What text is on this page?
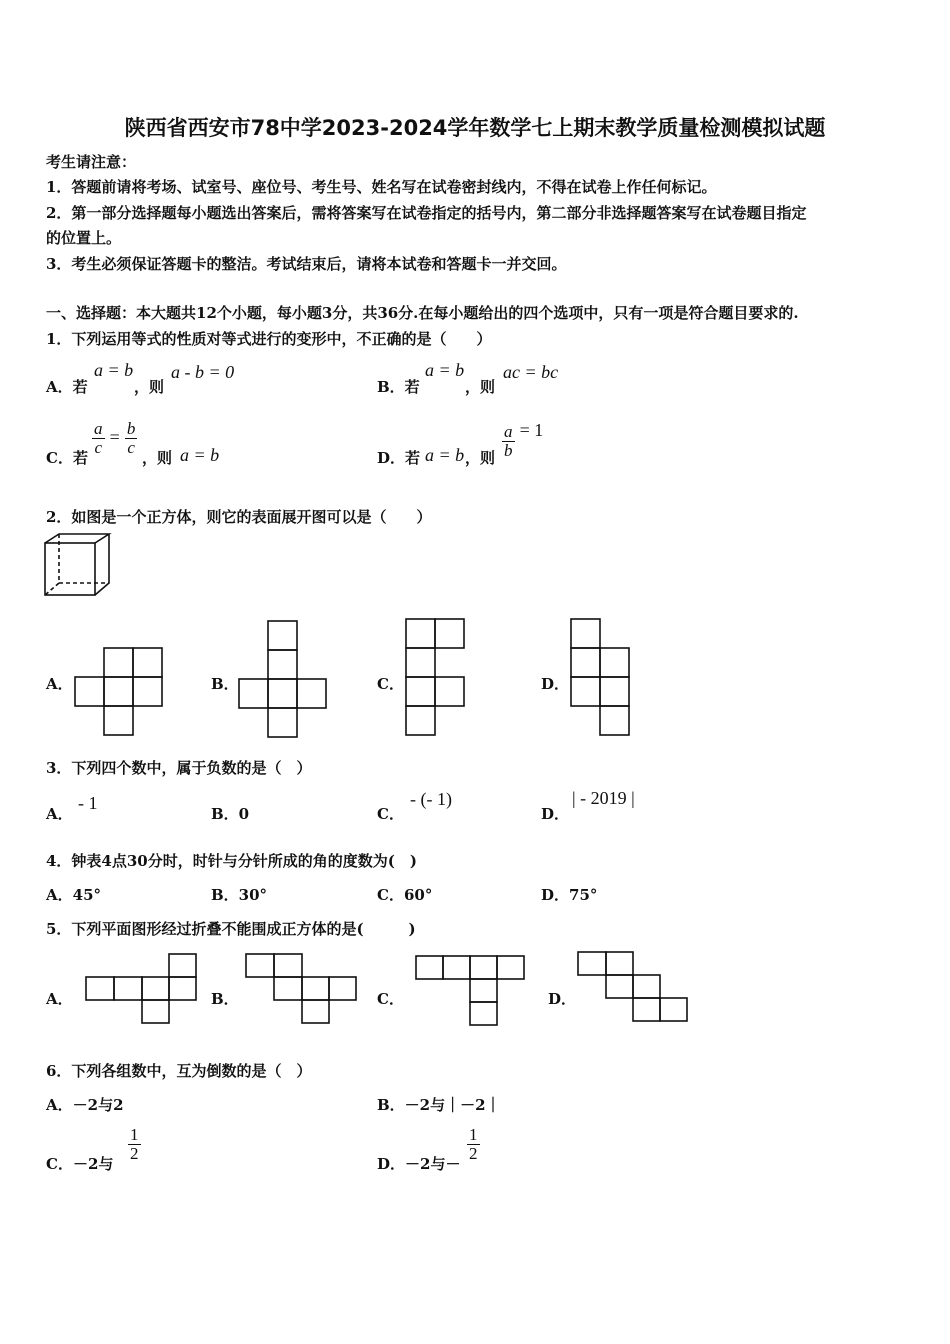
陕西省西安市78中学2023-2024学年数学七上期末教学质量检测模拟试题
考生请注意：
1．答题前请将考场、试室号、座位号、考生号、姓名写在试卷密封线内，不得在试卷上作任何标记。
2．第一部分选择题每小题选出答案后，需将答案写在试卷指定的括号内，第二部分非选择题答案写在试卷题目指定
的位置上。
3．考生必须保证答题卡的整洁。考试结束后，请将本试卷和答题卡一并交回。
一、选择题：本大题共12个小题，每小题3分，共36分.在每小题给出的四个选项中，只有一项是符合题目要求的.
1．下列运用等式的性质对等式进行的变形中，不正确的是（　　）
A．若
a = b
，则
a - b = 0
B．若
a = b
，则
ac = bc
C．若
$\frac{a}{c} = \frac{b}{c}$
，则 a = b	D．若 a = b ，则 $\frac{a}{b} = 1$
2．如图是一个正方体，则它的表面展开图可以是（　　）
A．	B．	C．	D．
3．下列四个数中，属于负数的是（　）
A．
- 1
B．0	C．
- (- 1)
D．
| - 2019 |
4．钟表4点30分时，时针与分针所成的角的度数为(　)
A．45°	B．30°	C．60°	D．75°
5．下列平面图形经过折叠不能围成正方体的是(　　　)
A．	B．	C．	D．
6．下列各组数中，互为倒数的是（　）
A．－2与2	B．－2与｜－2｜
C．－2与
$\frac{1}{2}$
D．－2与－
$\frac{1}{2}$
